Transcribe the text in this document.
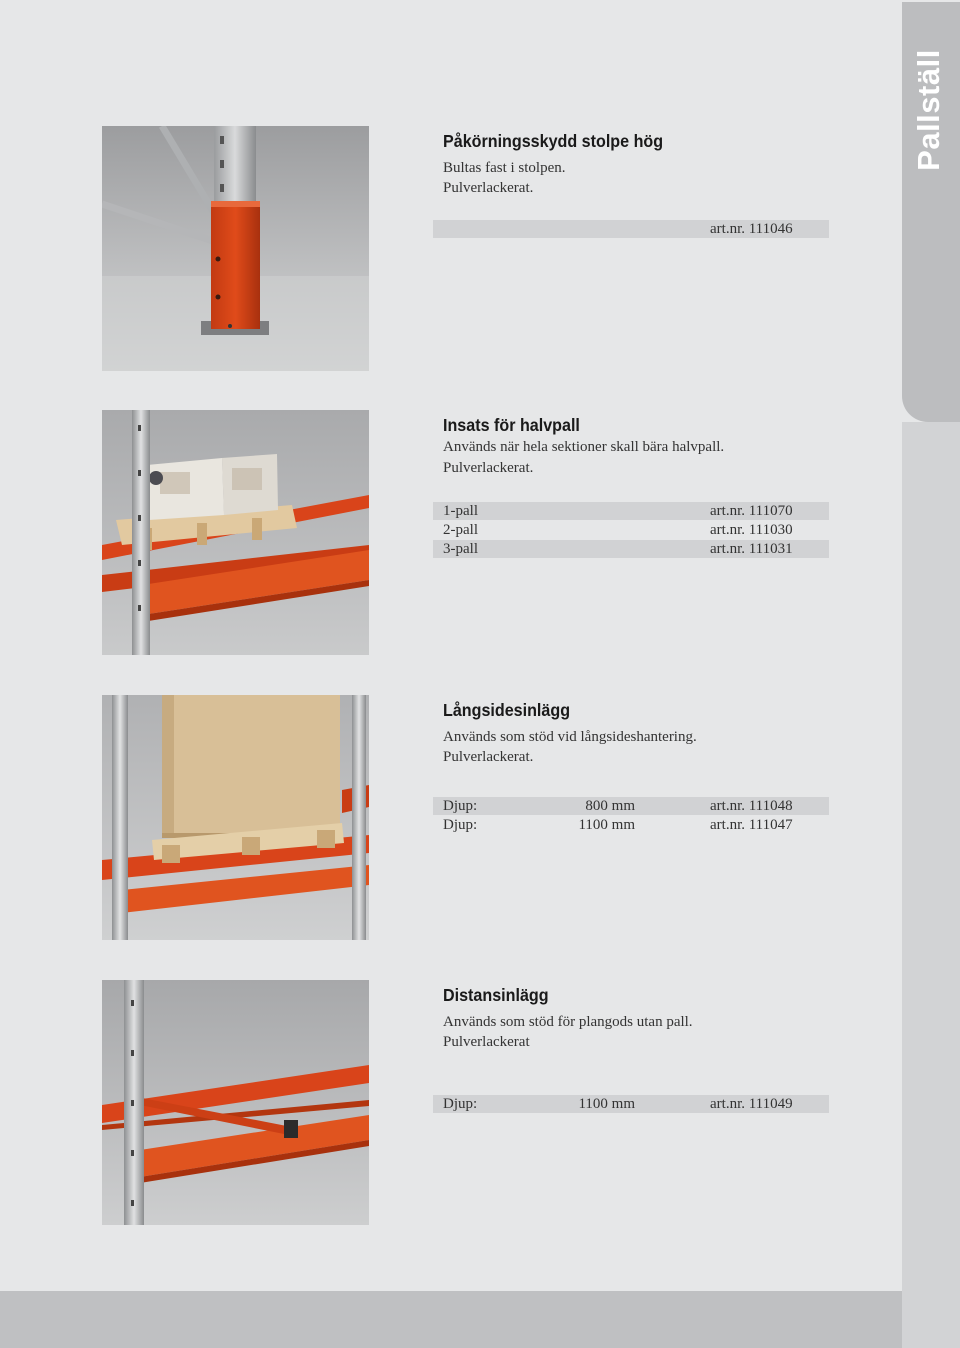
Pallställ
Påkörningsskydd stolpe hög
Bultas fast i stolpen.
Pulverlackerat.
art.nr. 111046
Insats för halvpall
Används när hela sektioner skall bära halvpall.
Pulverlackerat.
1-pall	art.nr. 111070
2-pall	art.nr. 111030
3-pall	art.nr. 111031
Långsidesinlägg
Används som stöd vid långsideshantering.
Pulverlackerat.
Djup:	800 mm	art.nr. 111048
Djup:	1100 mm	art.nr. 111047
Distansinlägg
Används som stöd för plangods utan pall.
Pulverlackerat
Djup:	1100 mm	art.nr. 111049
